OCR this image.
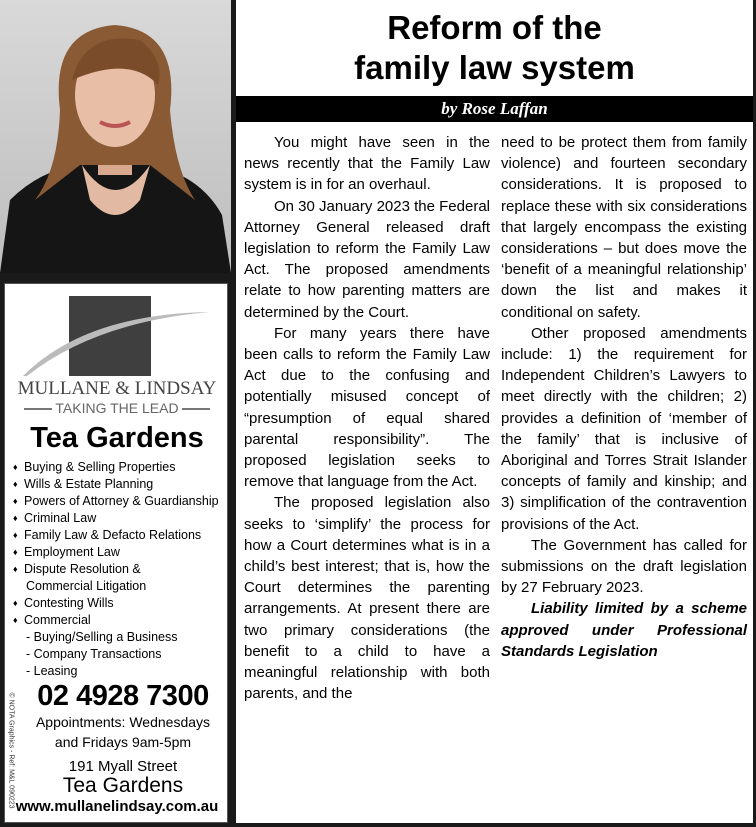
MULLANE & LINDSAY
TAKING THE LEAD
Tea Gardens
♦ Buying & Selling Properties
♦ Wills & Estate Planning
♦ Powers of Attorney & Guardianship
♦ Criminal Law
♦ Family Law & Defacto Relations
♦ Employment Law
♦ Dispute Resolution &
Commercial Litigation
♦ Contesting Wills
♦ Commercial
- Buying/Selling a Business
- Company Transactions
- Leasing
© NOTA Graphics - Ref: M&L 090223 02 4928 7300
Appointments: Wednesdays
and Fridays 9am-5pm
191 Myall Street
Tea Gardens
www.mullanelindsay.com.au
Reform of the
family law system
by Rose Laffan

You might have seen in the news recently that the Family Law system is in for an overhaul.

On 30 January 2023 the Federal Attorney General released draft legislation to reform the Family Law Act. The proposed amendments relate to how parenting matters are determined by the Court.

For many years there have been calls to reform the Family Law Act due to the confusing and potentially misused concept of “presumption of equal shared parental responsibility”. The proposed legislation seeks to remove that language from the Act.

The proposed legislation also seeks to ‘simplify’ the process for how a Court determines what is in a child’s best interest; that is, how the Court determines the parenting arrangements. At present there are two primary considerations (the benefit to a child to have a meaningful relationship with both parents, and the

need to be protect them from family violence) and fourteen secondary considerations. It is proposed to replace these with six considerations that largely encompass the existing considerations – but does move the ‘benefit of a meaningful relationship’ down the list and makes it conditional on safety.

Other proposed amendments include: 1) the requirement for Independent Children’s Lawyers to meet directly with the children; 2) provides a definition of ‘member of the family’ that is inclusive of Aboriginal and Torres Strait Islander concepts of family and kinship; and 3) simplification of the contravention provisions of the Act.

The Government has called for submissions on the draft legislation by 27 February 2023.

Liability limited by a scheme approved under Professional Standards Legislation
